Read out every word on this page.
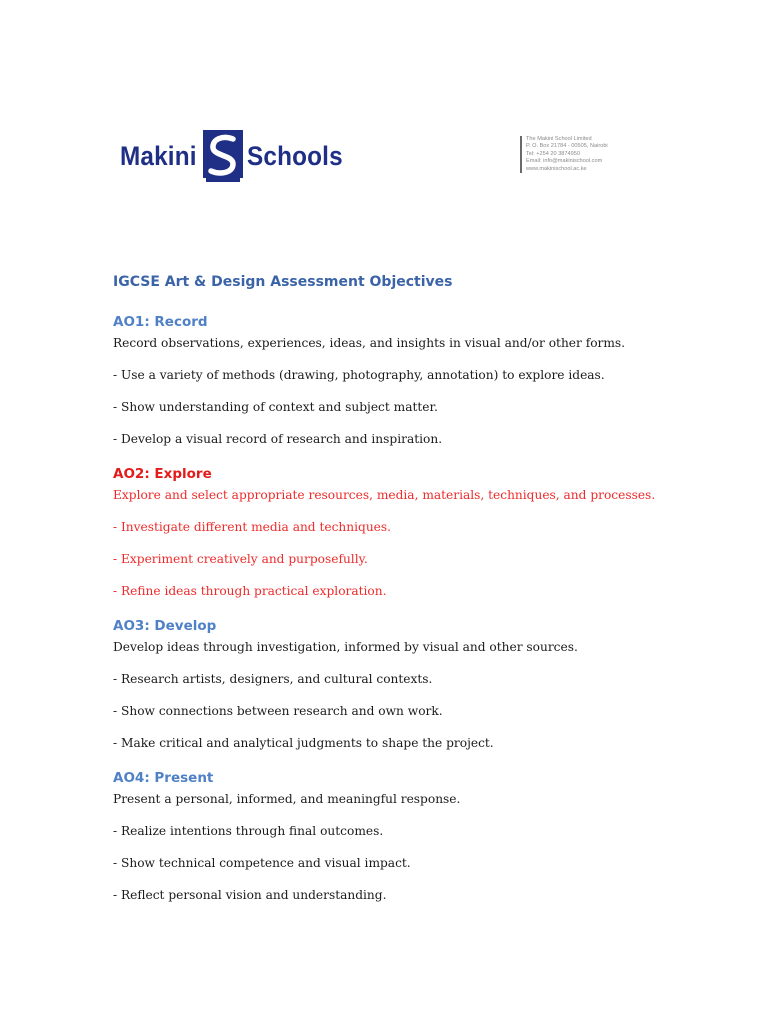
Makini Schools
The Makini School Limited
P. O. Box 21784 - 00505, Nairobi
Tel: +254 20 3874950
Email: info@makinischool.com
www.makinischool.ac.ke
IGCSE Art & Design Assessment Objectives
AO1: Record

Record observations, experiences, ideas, and insights in visual and/or other forms.

- Use a variety of methods (drawing, photography, annotation) to explore ideas.

- Show understanding of context and subject matter.

- Develop a visual record of research and inspiration.

AO2: Explore

Explore and select appropriate resources, media, materials, techniques, and processes.

- Investigate different media and techniques.

- Experiment creatively and purposefully.

- Refine ideas through practical exploration.

AO3: Develop

Develop ideas through investigation, informed by visual and other sources.

- Research artists, designers, and cultural contexts.

- Show connections between research and own work.

- Make critical and analytical judgments to shape the project.

AO4: Present

Present a personal, informed, and meaningful response.

- Realize intentions through final outcomes.

- Show technical competence and visual impact.

- Reflect personal vision and understanding.
